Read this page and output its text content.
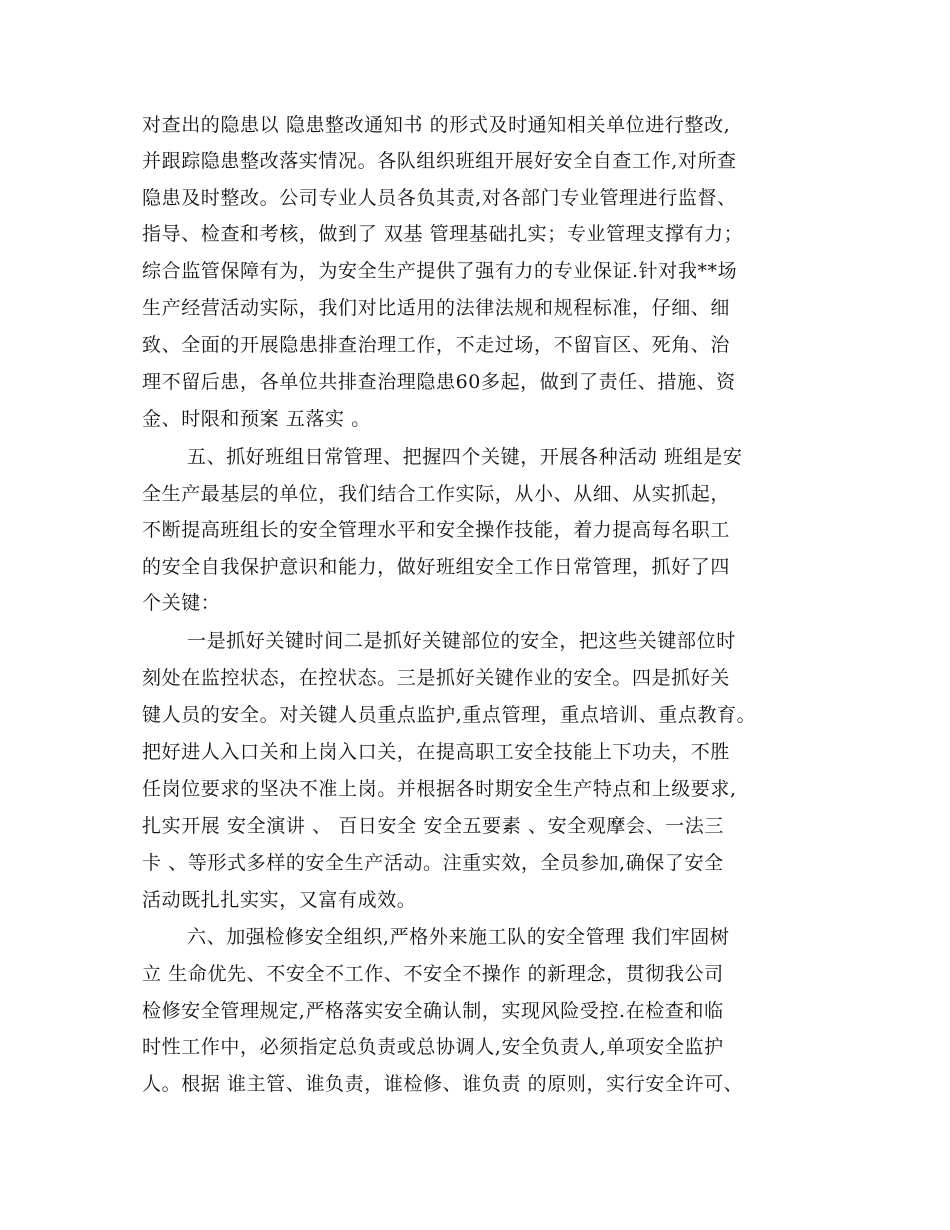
对查出的隐患以 隐患整改通知书 的形式及时通知相关单位进行整改,
并跟踪隐患整改落实情况。各队组织班组开展好安全自查工作,对所查
隐患及时整改。公司专业人员各负其责,对各部门专业管理进行监督、
指导、检查和考核，做到了 双基 管理基础扎实；专业管理支撑有力；
综合监管保障有为，为安全生产提供了强有力的专业保证.针对我**场
生产经营活动实际，我们对比适用的法律法规和规程标准，仔细、细
致、全面的开展隐患排查治理工作，不走过场，不留盲区、死角、治
理不留后患，各单位共排查治理隐患60多起，做到了责任、措施、资
金、时限和预案 五落实 。
五、抓好班组日常管理、把握四个关键，开展各种活动 班组是安
全生产最基层的单位，我们结合工作实际，从小、从细、从实抓起，
不断提高班组长的安全管理水平和安全操作技能，着力提高每名职工
的安全自我保护意识和能力，做好班组安全工作日常管理，抓好了四
个关键：
一是抓好关键时间二是抓好关键部位的安全，把这些关键部位时
刻处在监控状态，在控状态。三是抓好关键作业的安全。四是抓好关
键人员的安全。对关键人员重点监护,重点管理，重点培训、重点教育。
把好进人入口关和上岗入口关，在提高职工安全技能上下功夫，不胜
任岗位要求的坚决不准上岗。并根据各时期安全生产特点和上级要求,
扎实开展 安全演讲 、 百日安全 安全五要素 、安全观摩会、一法三
卡 、等形式多样的安全生产活动。注重实效，全员参加,确保了安全
活动既扎扎实实，又富有成效。
六、加强检修安全组织,严格外来施工队的安全管理 我们牢固树
立 生命优先、不安全不工作、不安全不操作 的新理念，贯彻我公司
检修安全管理规定,严格落实安全确认制，实现风险受控.在检查和临
时性工作中，必须指定总负责或总协调人,安全负责人,单项安全监护
人。根据 谁主管、谁负责，谁检修、谁负责 的原则，实行安全许可、
